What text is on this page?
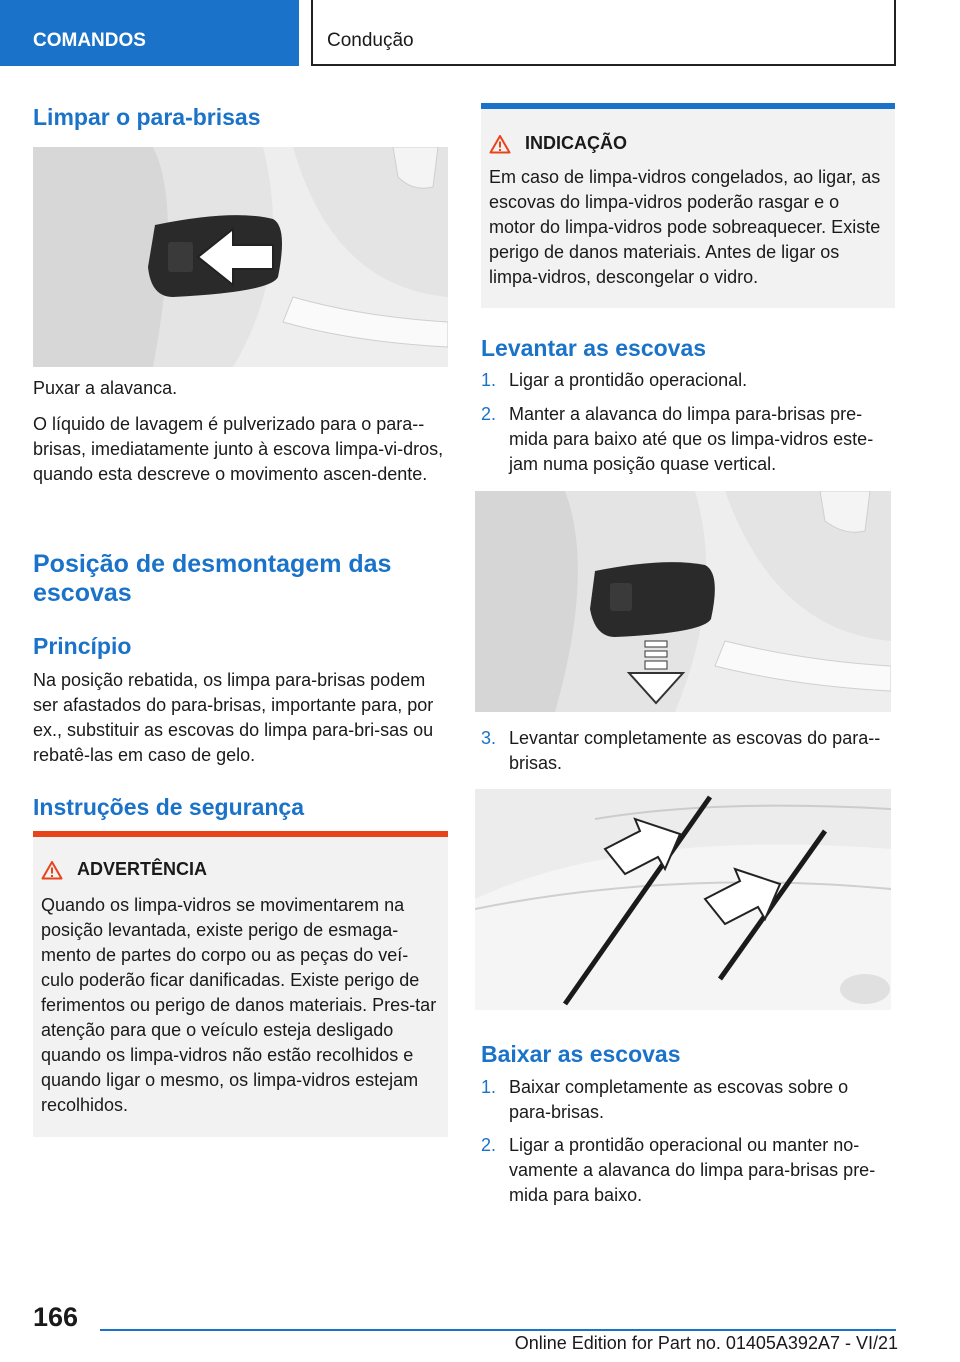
COMANDOS	Condução
Limpar o para-brisas

Puxar a alavanca.

O líquido de lavagem é pulverizado para o para--brisas, imediatamente junto à escova limpa-vi-dros, quando esta descreve o movimento ascen-dente.

Posição de desmontagem das escovas
Princípio

Na posição rebatida, os limpa para-brisas podem ser afastados do para-brisas, importante para, por ex., substituir as escovas do limpa para-bri-sas ou rebatê-las em caso de gelo.

Instruções de segurança
ADVERTÊNCIA

Quando os limpa-vidros se movimentarem na posição levantada, existe perigo de esmaga-mento de partes do corpo ou as peças do veí-culo poderão ficar danificadas. Existe perigo de ferimentos ou perigo de danos materiais. Pres-tar atenção para que o veículo esteja desligado quando os limpa-vidros não estão recolhidos e quando ligar o mesmo, os limpa-vidros estejam recolhidos.

INDICAÇÃO

Em caso de limpa-vidros congelados, ao ligar, as escovas do limpa-vidros poderão rasgar e o motor do limpa-vidros pode sobreaquecer. Existe perigo de danos materiais. Antes de ligar os limpa-vidros, descongelar o vidro.

Levantar as escovas
1. Ligar a prontidão operacional.
2. Manter a alavanca do limpa para-brisas pre-mida para baixo até que os limpa-vidros este-jam numa posição quase vertical.
3. Levantar completamente as escovas do para--brisas.
Baixar as escovas
1. Baixar completamente as escovas sobre o para-brisas.
2. Ligar a prontidão operacional ou manter no-vamente a alavanca do limpa para-brisas pre-mida para baixo.
166
Online Edition for Part no. 01405A392A7 - VI/21
